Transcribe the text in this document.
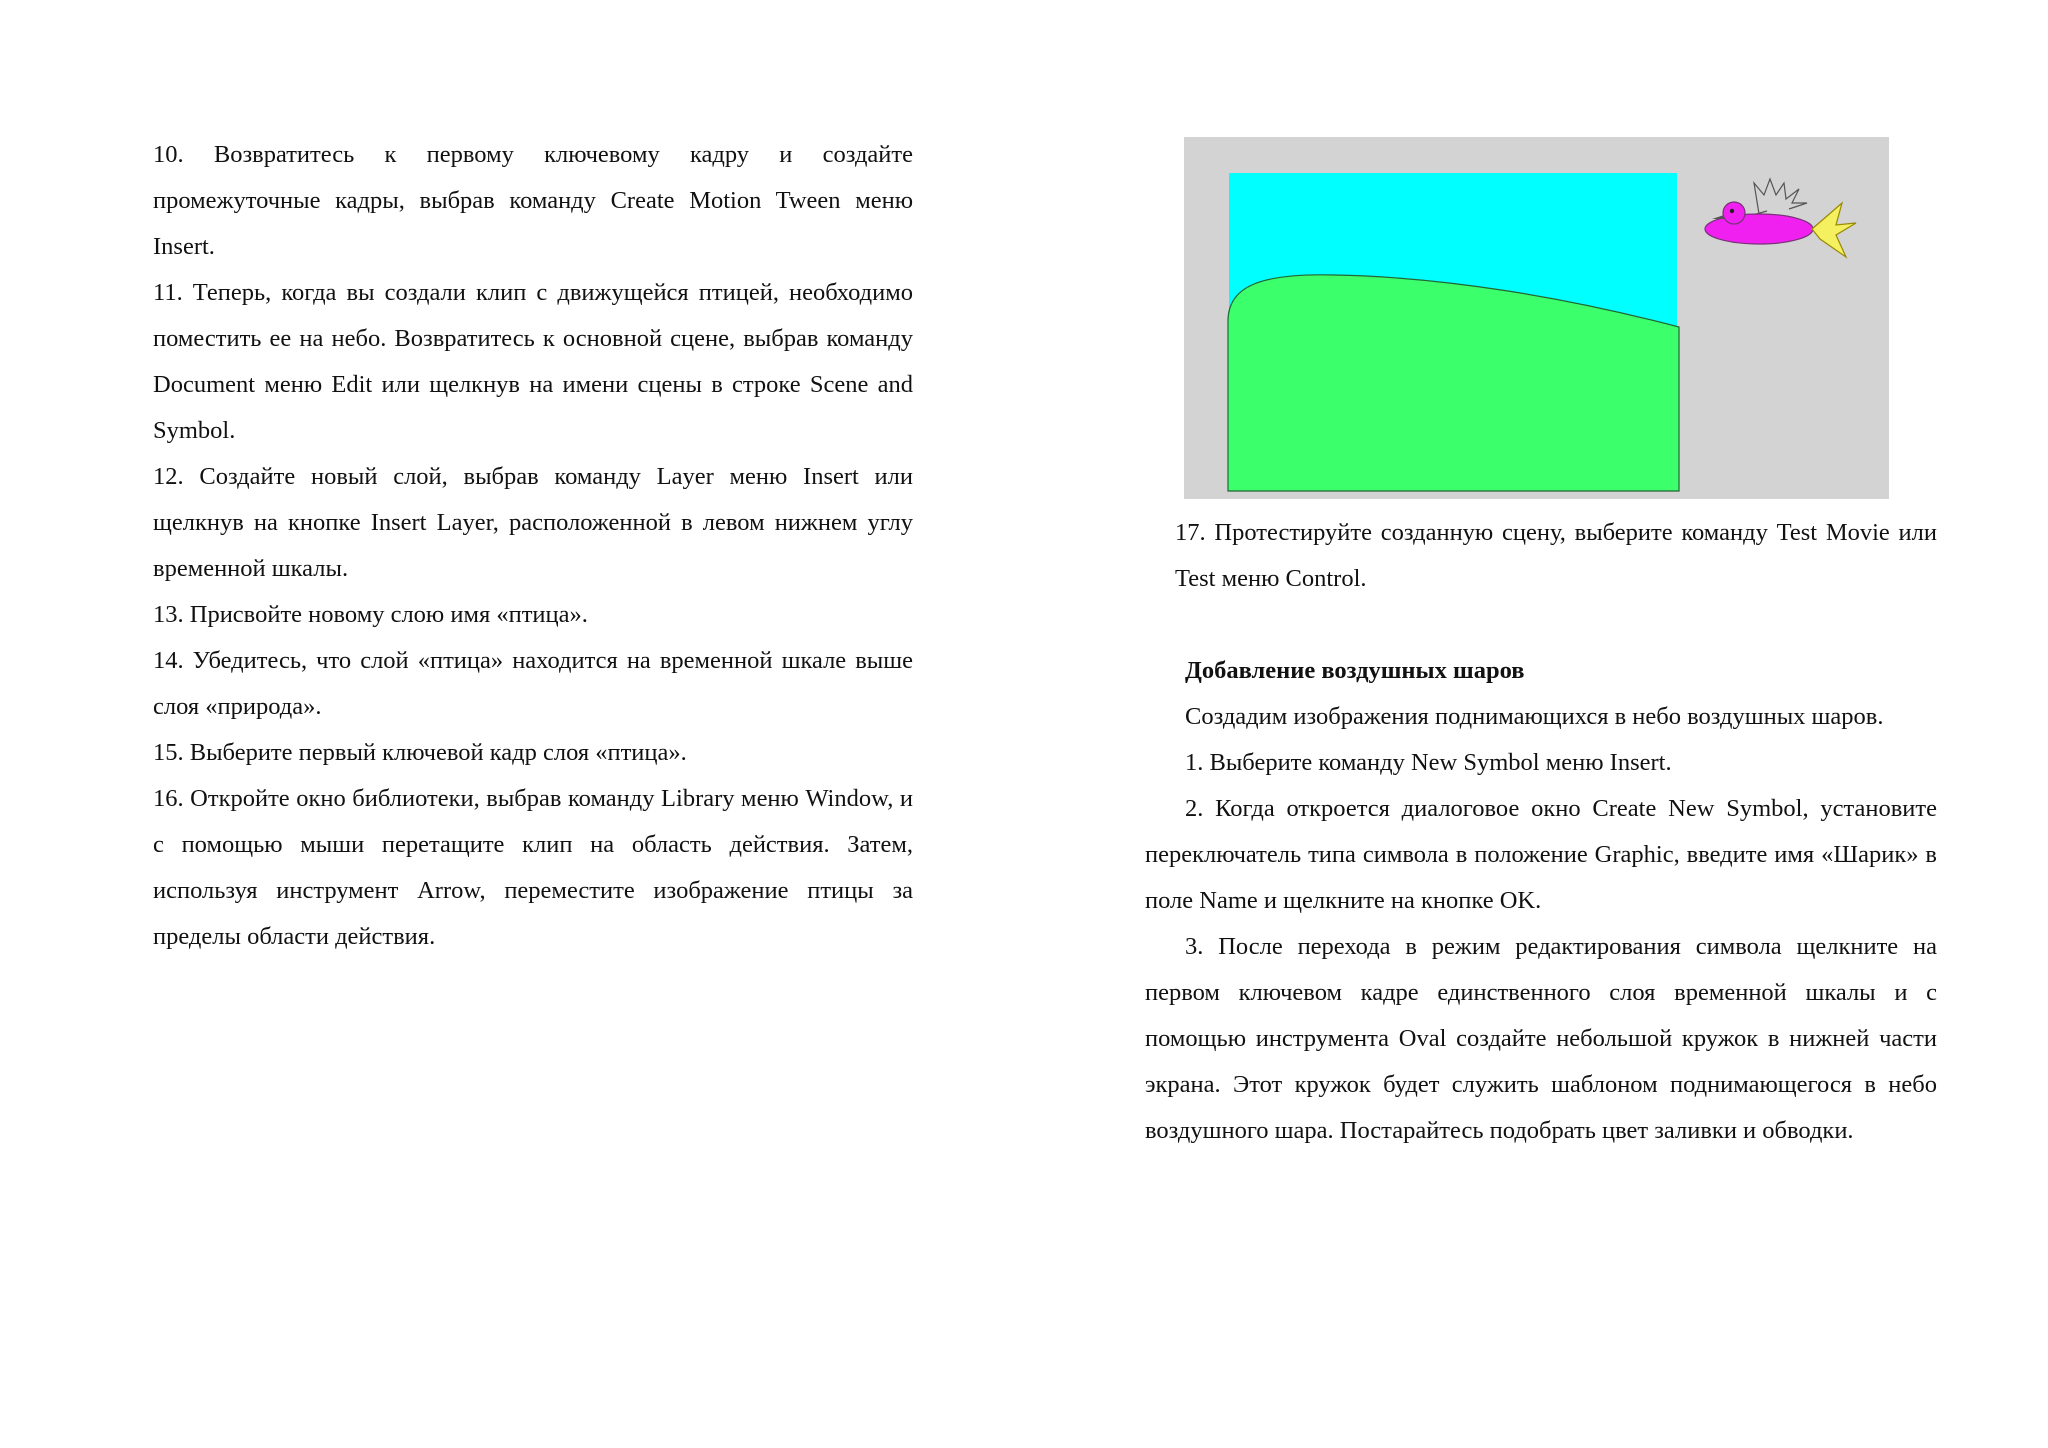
10. Возвратитесь к первому ключевому кадру и создайте промежуточные кадры, выбрав команду Create Motion Tween меню Insert.

11. Теперь, когда вы создали клип с движущейся птицей, необходимо поместить ее на небо. Возвратитесь к основной сцене, выбрав команду Document меню Edit или щелкнув на имени сцены в строке Scene and Symbol.

12. Создайте новый слой, выбрав команду Layer меню Insert или щелкнув на кнопке Insert Layer, расположенной в левом нижнем углу временной шкалы.

13. Присвойте новому слою имя «птица».

14. Убедитесь, что слой «птица» находится на временной шкале выше слоя «природа».

15. Выберите первый ключевой кадр слоя «птица».

16. Откройте окно библиотеки, выбрав команду Library меню Window, и с помощью мыши перетащите клип на область действия. Затем, используя инструмент Arrow, переместите изображение птицы за пределы области действия.

17. Протестируйте созданную сцену, выберите команду Test Movie или Test меню Control.

Добавление воздушных шаров

Создадим изображения поднимающихся в небо воздушных шаров.

1. Выберите команду New Symbol меню Insert.

2. Когда откроется диалоговое окно Create New Symbol, установите переключатель типа символа в положение Graphic, введите имя «Шарик» в поле Name и щелкните на кнопке OK.

3. После перехода в режим редактирования символа щелкните на первом ключевом кадре единственного слоя временной шкалы и с помощью инструмента Oval создайте небольшой кружок в нижней части экрана. Этот кружок будет служить шаблоном поднимающегося в небо воздушного шара. Постарайтесь подобрать цвет заливки и обводки.
